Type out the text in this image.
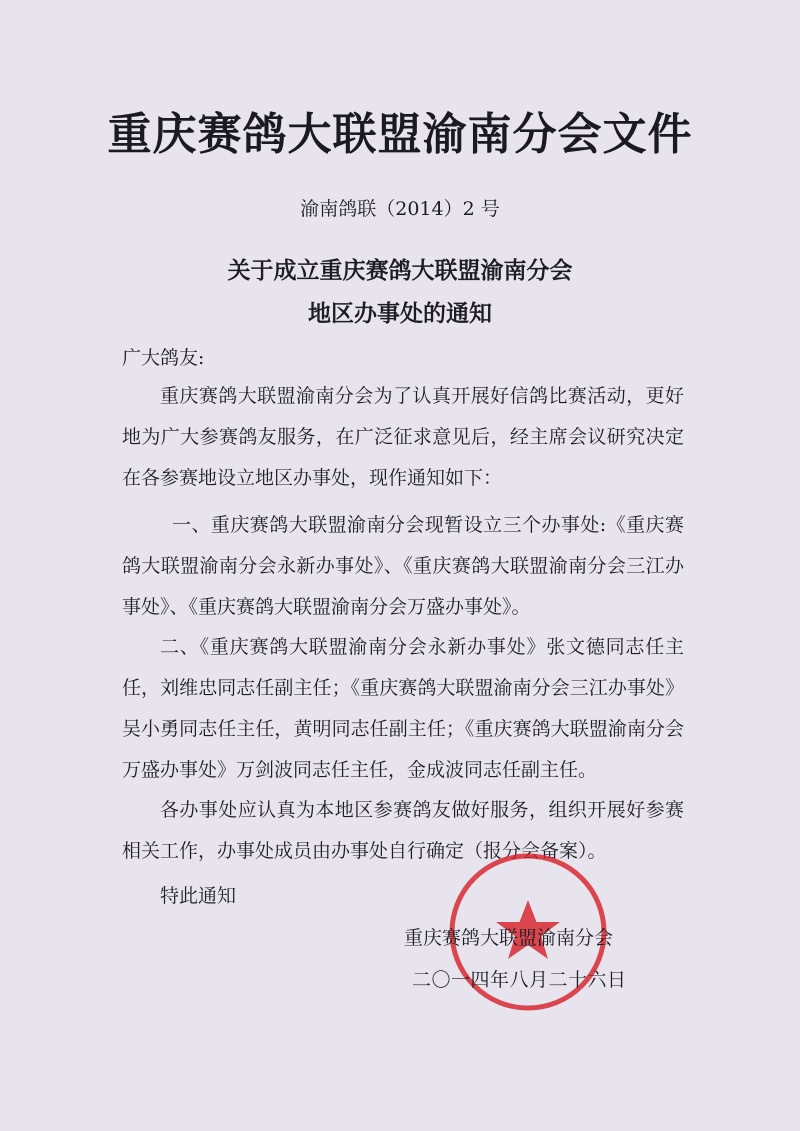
重庆赛鸽大联盟渝南分会文件
渝南鸽联（2014）2 号
关于成立重庆赛鸽大联盟渝南分会
地区办事处的通知
广大鸽友:
重庆赛鸽大联盟渝南分会为了认真开展好信鸽比赛活动，更好地为广大参赛鸽友服务，在广泛征求意见后，经主席会议研究决定在各参赛地设立地区办事处，现作通知如下：
一、重庆赛鸽大联盟渝南分会现暂设立三个办事处:《重庆赛鸽大联盟渝南分会永新办事处》、《重庆赛鸽大联盟渝南分会三江办事处》、《重庆赛鸽大联盟渝南分会万盛办事处》。
二、《重庆赛鸽大联盟渝南分会永新办事处》张文德同志任主任，刘维忠同志任副主任；《重庆赛鸽大联盟渝南分会三江办事处》吴小勇同志任主任，黄明同志任副主任；《重庆赛鸽大联盟渝南分会万盛办事处》万剑波同志任主任，金成波同志任副主任。
各办事处应认真为本地区参赛鸽友做好服务，组织开展好参赛相关工作，办事处成员由办事处自行确定（报分会备案）。
特此通知
重庆赛鸽大联盟渝南分会
二〇一四年八月二十六日
